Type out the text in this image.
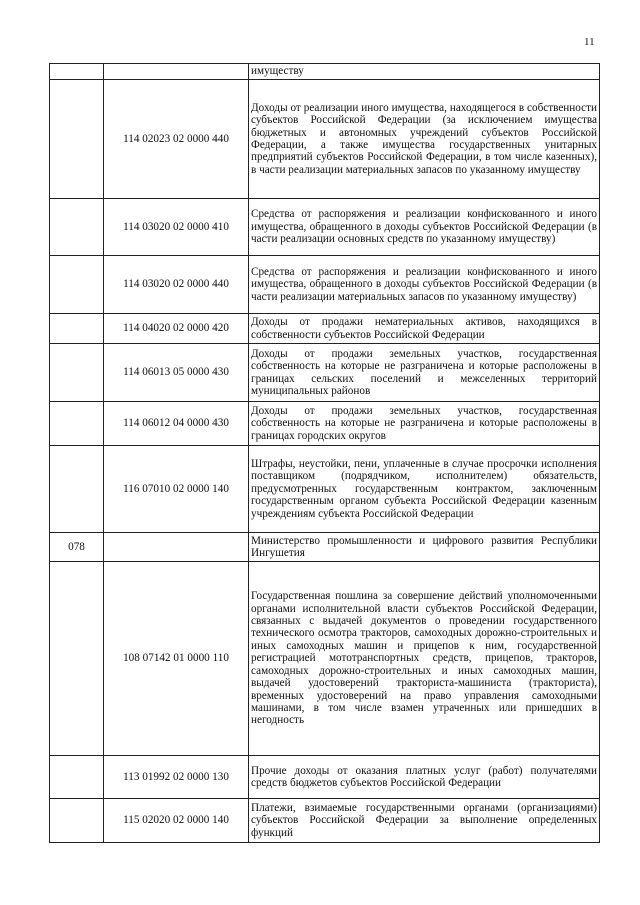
11
		имуществу
	114 02023 02 0000 440	Доходы от реализации иного имущества, находящегося в собственности субъектов Российской Федерации (за исключением имущества бюджетных и автономных учреждений субъектов Российской Федерации, а также имущества государственных унитарных предприятий субъектов Российской Федерации, в том числе казенных), в части реализации материальных запасов по указанному имуществу
	114 03020 02 0000 410	Средства от распоряжения и реализации конфискованного и иного имущества, обращенного в доходы субъектов Российской Федерации (в части реализации основных средств по указанному имуществу)
	114 03020 02 0000 440	Средства от распоряжения и реализации конфискованного и иного имущества, обращенного в доходы субъектов Российской Федерации (в части реализации материальных запасов по указанному имуществу)
	114 04020 02 0000 420	Доходы от продажи нематериальных активов, находящихся в собственности субъектов Российской Федерации
	114 06013 05 0000 430	Доходы от продажи земельных участков, государственная собственность на которые не разграничена и которые расположены в границах сельских поселений и межселенных территорий муниципальных районов
	114 06012 04 0000 430	Доходы от продажи земельных участков, государственная собственность на которые не разграничена и которые расположены в границах городских округов
	116 07010 02 0000 140	Штрафы, неустойки, пени, уплаченные в случае просрочки исполнения поставщиком (подрядчиком, исполнителем) обязательств, предусмотренных государственным контрактом, заключенным государственным органом субъекта Российской Федерации казенным учреждениям субъекта Российской Федерации
078		Министерство промышленности и цифрового развития Республики Ингушетия
	108 07142 01 0000 110	Государственная пошлина за совершение действий уполномоченными органами исполнительной власти субъектов Российской Федерации, связанных с выдачей документов о проведении государственного технического осмотра тракторов, самоходных дорожно-строительных и иных самоходных машин и прицепов к ним, государственной регистрацией мототранспортных средств, прицепов, тракторов, самоходных дорожно-строительных и иных самоходных машин, выдачей удостоверений тракториста-машиниста (тракториста), временных удостоверений на право управления самоходными машинами, в том числе взамен утраченных или пришедших в негодность
	113 01992 02 0000 130	Прочие доходы от оказания платных услуг (работ) получателями средств бюджетов субъектов Российской Федерации
	115 02020 02 0000 140	Платежи, взимаемые государственными органами (организациями) субъектов Российской Федерации за выполнение определенных функций
